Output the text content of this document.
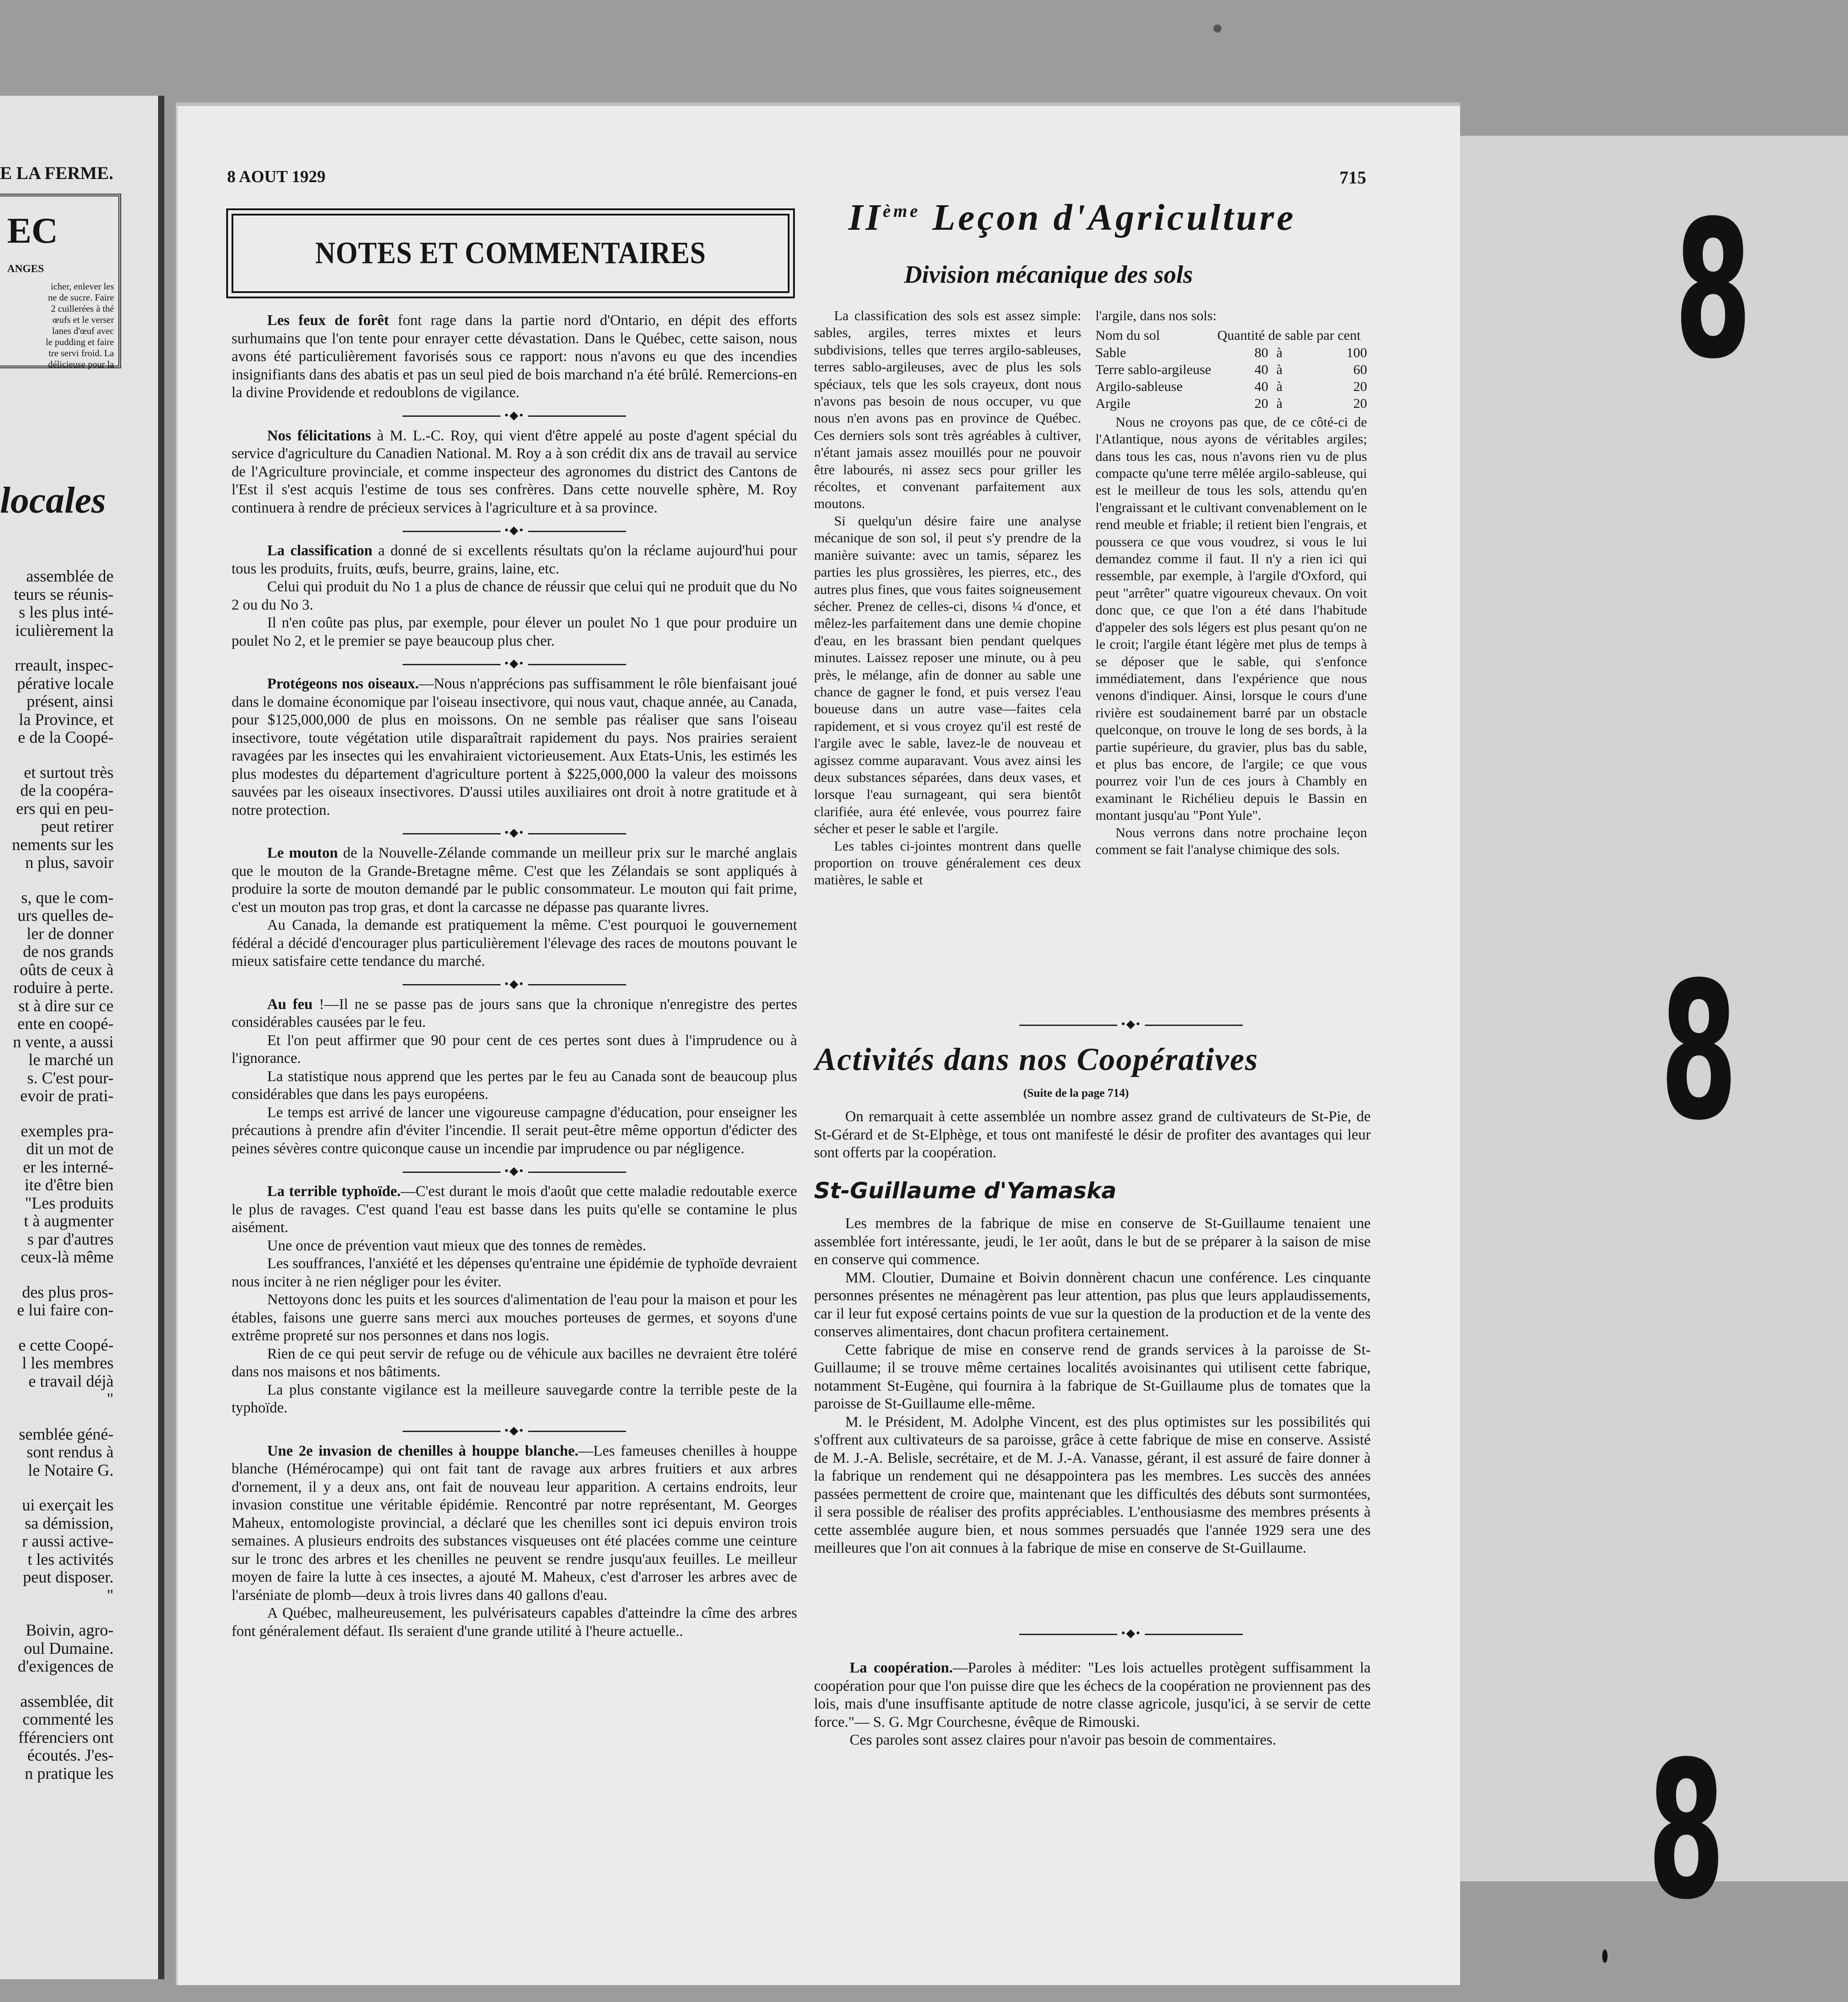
E LA FERME.
EC
ANGES
icher, enlever les
ne de sucre. Faire
2 cuillerées à thé
œufs et le verser
lanes d'œuf avec
le pudding et faire
tre servi froid. La
délicieuse pour la
locales
assemblée de
teurs se réunis-
s les plus inté-
iculièrement la
rreault, inspec-
pérative locale
présent, ainsi
la Province, et
e de la Coopé-
et surtout très
de la coopéra-
ers qui en peu-
peut retirer
nements sur les
n plus, savoir
s, que le com-
urs quelles de-
ler de donner
de nos grands
oûts de ceux à
roduire à perte.
st à dire sur ce
ente en coopé-
n vente, a aussi
le marché un
s. C'est pour-
evoir de prati-
exemples pra-
dit un mot de
er les interné-
ite d'être bien
"Les produits
t à augmenter
s par d'autres
ceux-là même
des plus pros-
e lui faire con-
e cette Coopé-
l les membres
e travail déjà
"
semblée géné-
sont rendus à
le Notaire G.
ui exerçait les
sa démission,
r aussi active-
t les activités
peut disposer.
"
Boivin, agro-
oul Dumaine.
d'exigences de
assemblée, dit
commenté les
fférenciers ont
écoutés. J'es-
n pratique les
8 AOUT 1929	715
NOTES ET COMMENTAIRES

Les feux de forêt font rage dans la partie nord d'Ontario, en dépit des efforts surhumains que l'on tente pour enrayer cette dévastation. Dans le Québec, cette saison, nous avons été particulièrement favorisés sous ce rapport: nous n'avons eu que des incendies insignifiants dans des abatis et pas un seul pied de bois marchand n'a été brûlé. Remercions-en la divine Providende et redoublons de vigilance.

•◆•

Nos félicitations à M. L.-C. Roy, qui vient d'être appelé au poste d'agent spécial du service d'agriculture du Canadien National. M. Roy a à son crédit dix ans de travail au service de l'Agriculture provinciale, et comme inspecteur des agronomes du district des Cantons de l'Est il s'est acquis l'estime de tous ses confrères. Dans cette nouvelle sphère, M. Roy continuera à rendre de précieux services à l'agriculture et à sa province.

•◆•

La classification a donné de si excellents résultats qu'on la réclame aujourd'hui pour tous les produits, fruits, œufs, beurre, grains, laine, etc.

Celui qui produit du No 1 a plus de chance de réussir que celui qui ne produit que du No 2 ou du No 3.

Il n'en coûte pas plus, par exemple, pour élever un poulet No 1 que pour produire un poulet No 2, et le premier se paye beaucoup plus cher.

•◆•

Protégeons nos oiseaux.—Nous n'apprécions pas suffisamment le rôle bienfaisant joué dans le domaine économique par l'oiseau insectivore, qui nous vaut, chaque année, au Canada, pour $125,000,000 de plus en moissons. On ne semble pas réaliser que sans l'oiseau insectivore, toute végétation utile disparaîtrait rapidement du pays. Nos prairies seraient ravagées par les insectes qui les envahiraient victorieusement. Aux Etats-Unis, les estimés les plus modestes du département d'agriculture portent à $225,000,000 la valeur des moissons sauvées par les oiseaux insectivores. D'aussi utiles auxiliaires ont droit à notre gratitude et à notre protection.

•◆•

Le mouton de la Nouvelle-Zélande commande un meilleur prix sur le marché anglais que le mouton de la Grande-Bretagne même. C'est que les Zélandais se sont appliqués à produire la sorte de mouton demandé par le public consommateur. Le mouton qui fait prime, c'est un mouton pas trop gras, et dont la carcasse ne dépasse pas quarante livres.

Au Canada, la demande est pratiquement la même. C'est pourquoi le gouvernement fédéral a décidé d'encourager plus particulièrement l'élevage des races de moutons pouvant le mieux satisfaire cette tendance du marché.

•◆•

Au feu !—Il ne se passe pas de jours sans que la chronique n'enregistre des pertes considérables causées par le feu.

Et l'on peut affirmer que 90 pour cent de ces pertes sont dues à l'imprudence ou à l'ignorance.

La statistique nous apprend que les pertes par le feu au Canada sont de beaucoup plus considérables que dans les pays européens.

Le temps est arrivé de lancer une vigoureuse campagne d'éducation, pour enseigner les précautions à prendre afin d'éviter l'incendie. Il serait peut-être même opportun d'édicter des peines sévères contre quiconque cause un incendie par imprudence ou par négligence.

•◆•

La terrible typhoïde.—C'est durant le mois d'août que cette maladie redoutable exerce le plus de ravages. C'est quand l'eau est basse dans les puits qu'elle se contamine le plus aisément.

Une once de prévention vaut mieux que des tonnes de remèdes.

Les souffrances, l'anxiété et les dépenses qu'entraine une épidémie de typhoïde devraient nous inciter à ne rien négliger pour les éviter.

Nettoyons donc les puits et les sources d'alimentation de l'eau pour la maison et pour les étables, faisons une guerre sans merci aux mouches porteuses de germes, et soyons d'une extrême propreté sur nos personnes et dans nos logis.

Rien de ce qui peut servir de refuge ou de véhicule aux bacilles ne devraient être toléré dans nos maisons et nos bâtiments.

La plus constante vigilance est la meilleure sauvegarde contre la terrible peste de la typhoïde.

•◆•

Une 2e invasion de chenilles à houppe blanche.—Les fameuses chenilles à houppe blanche (Hémérocampe) qui ont fait tant de ravage aux arbres fruitiers et aux arbres d'ornement, il y a deux ans, ont fait de nouveau leur apparition. A certains endroits, leur invasion constitue une véritable épidémie. Rencontré par notre représentant, M. Georges Maheux, entomologiste provincial, a déclaré que les chenilles sont ici depuis environ trois semaines. A plusieurs endroits des substances visqueuses ont été placées comme une ceinture sur le tronc des arbres et les chenilles ne peuvent se rendre jusqu'aux feuilles. Le meilleur moyen de faire la lutte à ces insectes, a ajouté M. Maheux, c'est d'arroser les arbres avec de l'arséniate de plomb—deux à trois livres dans 40 gallons d'eau.

A Québec, malheureusement, les pulvérisateurs capables d'atteindre la cîme des arbres font généralement défaut. Ils seraient d'une grande utilité à l'heure actuelle..

IIème Leçon d'Agriculture
Division mécanique des sols

La classification des sols est assez simple: sables, argiles, terres mixtes et leurs subdivisions, telles que terres argilo-sableuses, terres sablo-argileuses, avec de plus les sols spéciaux, tels que les sols crayeux, dont nous n'avons pas besoin de nous occuper, vu que nous n'en avons pas en province de Québec. Ces derniers sols sont très agréables à cultiver, n'étant jamais assez mouillés pour ne pouvoir être labourés, ni assez secs pour griller les récoltes, et convenant parfaitement aux moutons.

Si quelqu'un désire faire une analyse mécanique de son sol, il peut s'y prendre de la manière suivante: avec un tamis, séparez les parties les plus grossières, les pierres, etc., des autres plus fines, que vous faites soigneusement sécher. Prenez de celles-ci, disons ¼ d'once, et mêlez-les parfaitement dans une demie chopine d'eau, en les brassant bien pendant quelques minutes. Laissez reposer une minute, ou à peu près, le mélange, afin de donner au sable une chance de gagner le fond, et puis versez l'eau boueuse dans un autre vase—faites cela rapidement, et si vous croyez qu'il est resté de l'argile avec le sable, lavez-le de nouveau et agissez comme auparavant. Vous avez ainsi les deux substances séparées, dans deux vases, et lorsque l'eau surnageant, qui sera bientôt clarifiée, aura été enlevée, vous pourrez faire sécher et peser le sable et l'argile.

Les tables ci-jointes montrent dans quelle proportion on trouve généralement ces deux matières, le sable et

l'argile, dans nos sols:
Nom du sol	Quantité de sable par cent		
Sable	80	à	100
Terre sablo-argileuse	40	à	60
Argilo-sableuse	40	à	20
Argile	20	à	20

Nous ne croyons pas que, de ce côté-ci de l'Atlantique, nous ayons de véritables argiles; dans tous les cas, nous n'avons rien vu de plus compacte qu'une terre mêlée argilo-sableuse, qui est le meilleur de tous les sols, attendu qu'en l'engraissant et le cultivant convenablement on le rend meuble et friable; il retient bien l'engrais, et poussera ce que vous voudrez, si vous le lui demandez comme il faut. Il n'y a rien ici qui ressemble, par exemple, à l'argile d'Oxford, qui peut "arrêter" quatre vigoureux chevaux. On voit donc que, ce que l'on a été dans l'habitude d'appeler des sols légers est plus pesant qu'on ne le croit; l'argile étant légère met plus de temps à se déposer que le sable, qui s'enfonce immédiatement, dans l'expérience que nous venons d'indiquer. Ainsi, lorsque le cours d'une rivière est soudainement barré par un obstacle quelconque, on trouve le long de ses bords, à la partie supérieure, du gravier, plus bas du sable, et plus bas encore, de l'argile; ce que vous pourrez voir l'un de ces jours à Chambly en examinant le Richélieu depuis le Bassin en montant jusqu'au "Pont Yule".

Nous verrons dans notre prochaine leçon comment se fait l'analyse chimique des sols.

•◆•
Activités dans nos Coopératives
(Suite de la page 714)

On remarquait à cette assemblée un nombre assez grand de cultivateurs de St-Pie, de St-Gérard et de St-Elphège, et tous ont manifesté le désir de profiter des avantages qui leur sont offerts par la coopération.

St-Guillaume d'Yamaska

Les membres de la fabrique de mise en conserve de St-Guillaume tenaient une assemblée fort intéressante, jeudi, le 1er août, dans le but de se préparer à la saison de mise en conserve qui commence.

MM. Cloutier, Dumaine et Boivin donnèrent chacun une conférence. Les cinquante personnes présentes ne ménagèrent pas leur attention, pas plus que leurs applaudissements, car il leur fut exposé certains points de vue sur la question de la production et de la vente des conserves alimentaires, dont chacun profitera certainement.

Cette fabrique de mise en conserve rend de grands services à la paroisse de St-Guillaume; il se trouve même certaines localités avoisinantes qui utilisent cette fabrique, notamment St-Eugène, qui fournira à la fabrique de St-Guillaume plus de tomates que la paroisse de St-Guillaume elle-même.

M. le Président, M. Adolphe Vincent, est des plus optimistes sur les possibilités qui s'offrent aux cultivateurs de sa paroisse, grâce à cette fabrique de mise en conserve. Assisté de M. J.-A. Belisle, secrétaire, et de M. J.-A. Vanasse, gérant, il est assuré de faire donner à la fabrique un rendement qui ne désappointera pas les membres. Les succès des années passées permettent de croire que, maintenant que les difficultés des débuts sont surmontées, il sera possible de réaliser des profits appréciables. L'enthousiasme des membres présents à cette assemblée augure bien, et nous sommes persuadés que l'année 1929 sera une des meilleures que l'on ait connues à la fabrique de mise en conserve de St-Guillaume.

•◆•

La coopération.—Paroles à méditer: "Les lois actuelles protègent suffisamment la coopération pour que l'on puisse dire que les échecs de la coopération ne proviennent pas des lois, mais d'une insuffisante aptitude de notre classe agricole, jusqu'ici, à se servir de cette force."— S. G. Mgr Courchesne, évêque de Rimouski.

Ces paroles sont assez claires pour n'avoir pas besoin de commentaires.

8
8
8
